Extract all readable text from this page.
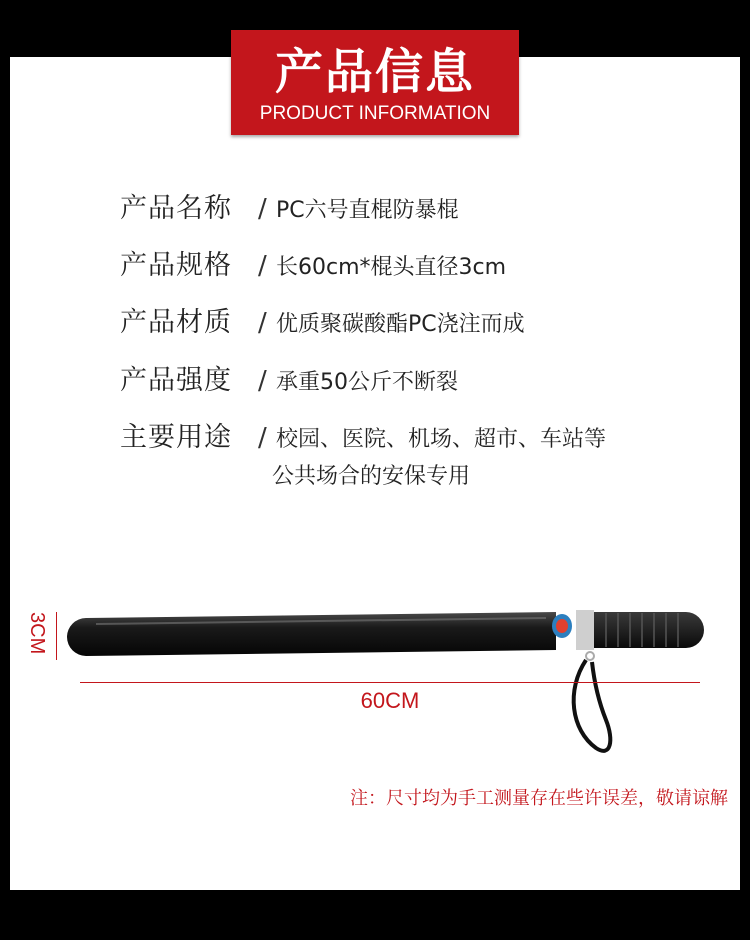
产品信息
PRODUCT INFORMATION
产品名称	/ PC六号直棍防暴棍
产品规格	/ 长60cm*棍头直径3cm
产品材质	/ 优质聚碳酸酯PC浇注而成
产品强度	/ 承重50公斤不断裂
主要用途	/ 校园、医院、机场、超市、车站等
公共场合的安保专用
3CM
60CM
注：尺寸均为手工测量存在些许误差，敬请谅解
